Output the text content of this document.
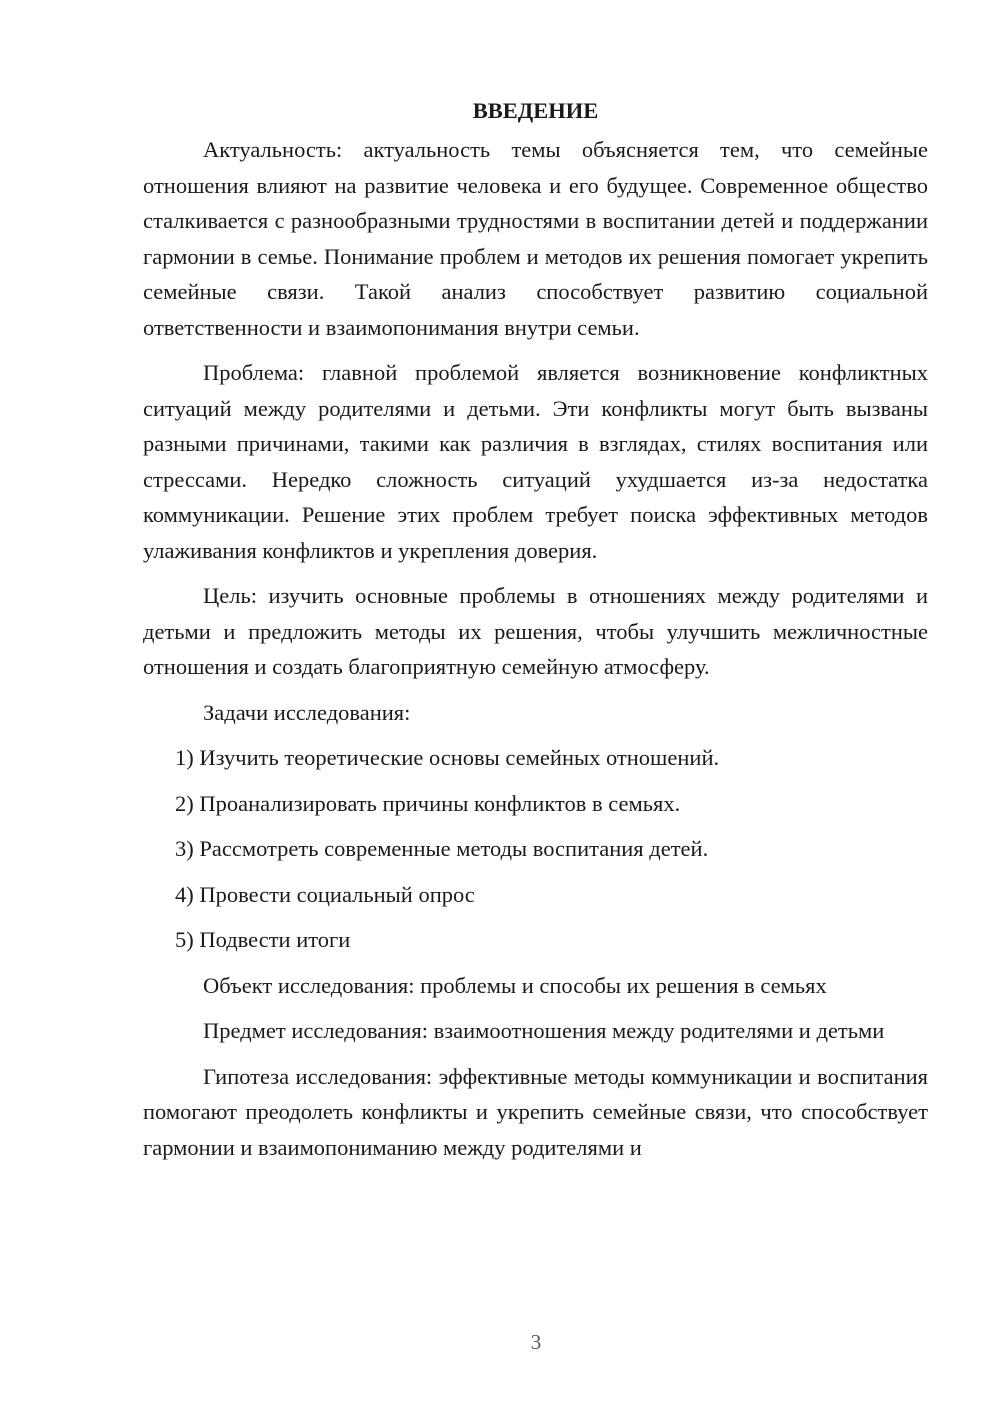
ВВЕДЕНИЕ

Актуальность: актуальность темы объясняется тем, что семейные отношения влияют на развитие человека и его будущее. Современное общество сталкивается с разнообразными трудностями в воспитании детей и поддержании гармонии в семье. Понимание проблем и методов их решения помогает укрепить семейные связи. Такой анализ способствует развитию социальной ответственности и взаимопонимания внутри семьи.

Проблема: главной проблемой является возникновение конфликтных ситуаций между родителями и детьми. Эти конфликты могут быть вызваны разными причинами, такими как различия в взглядах, стилях воспитания или стрессами. Нередко сложность ситуаций ухудшается из-за недостатка коммуникации. Решение этих проблем требует поиска эффективных методов улаживания конфликтов и укрепления доверия.

Цель: изучить основные проблемы в отношениях между родителями и детьми и предложить методы их решения, чтобы улучшить межличностные отношения и создать благоприятную семейную атмосферу.

Задачи исследования:

1) Изучить теоретические основы семейных отношений.
2) Проанализировать причины конфликтов в семьях.
3) Рассмотреть современные методы воспитания детей.
4) Провести социальный опрос
5) Подвести итоги

Объект исследования: проблемы и способы их решения в семьях

Предмет исследования: взаимоотношения между родителями и детьми

Гипотеза исследования: эффективные методы коммуникации и воспитания помогают преодолеть конфликты и укрепить семейные связи, что способствует гармонии и взаимопониманию между родителями и

3
